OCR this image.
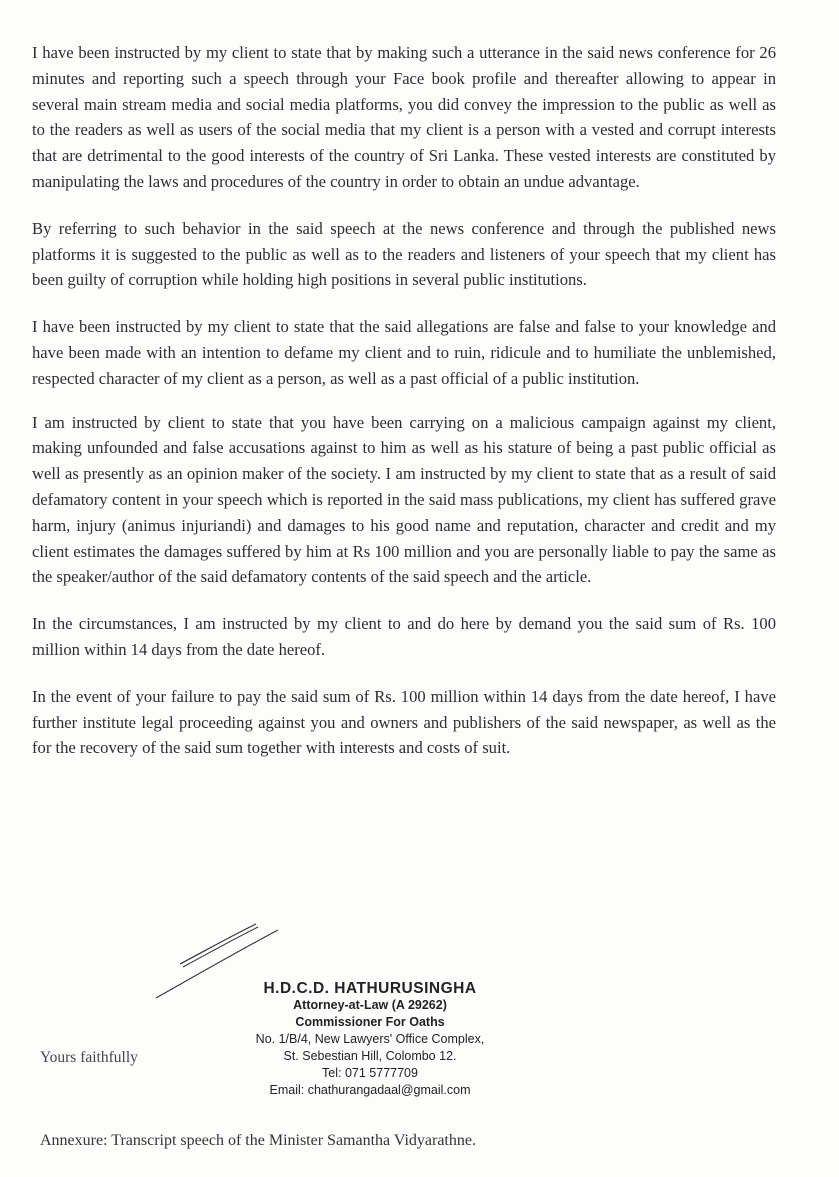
I have been instructed by my client to state that by making such a utterance in the said news conference for 26 minutes and reporting such a speech through your Face book profile and thereafter allowing to appear in several main stream media and social media platforms, you did convey the impression to the public as well as to the readers as well as users of the social media that my client is a person with a vested and corrupt interests that are detrimental to the good interests of the country of Sri Lanka. These vested interests are constituted by manipulating the laws and procedures of the country in order to obtain an undue advantage.

By referring to such behavior in the said speech at the news conference and through the published news platforms it is suggested to the public as well as to the readers and listeners of your speech that my client has been guilty of corruption while holding high positions in several public institutions.

I have been instructed by my client to state that the said allegations are false and false to your knowledge and have been made with an intention to defame my client and to ruin, ridicule and to humiliate the unblemished, respected character of my client as a person, as well as a past official of a public institution.

I am instructed by client to state that you have been carrying on a malicious campaign against my client, making unfounded and false accusations against to him as well as his stature of being a past public official as well as presently as an opinion maker of the society. I am instructed by my client to state that as a result of said defamatory content in your speech which is reported in the said mass publications, my client has suffered grave harm, injury (animus injuriandi) and damages to his good name and reputation, character and credit and my client estimates the damages suffered by him at Rs 100 million and you are personally liable to pay the same as the speaker/author of the said defamatory contents of the said speech and the article.

In the circumstances, I am instructed by my client to and do here by demand you the said sum of Rs. 100 million within 14 days from the date hereof.

In the event of your failure to pay the said sum of Rs. 100 million within 14 days from the date hereof, I have further institute legal proceeding against you and owners and publishers of the said newspaper, as well as the for the recovery of the said sum together with interests and costs of suit.

H.D.C.D. HATHURUSINGHA
Attorney-at-Law (A 29262)
Commissioner For Oaths
No. 1/B/4, New Lawyers' Office Complex,
St. Sebestian Hill, Colombo 12.
Tel: 071 5777709
Email: chathurangadaal@gmail.com
Yours faithfully
Annexure: Transcript speech of the Minister Samantha Vidyarathne.
